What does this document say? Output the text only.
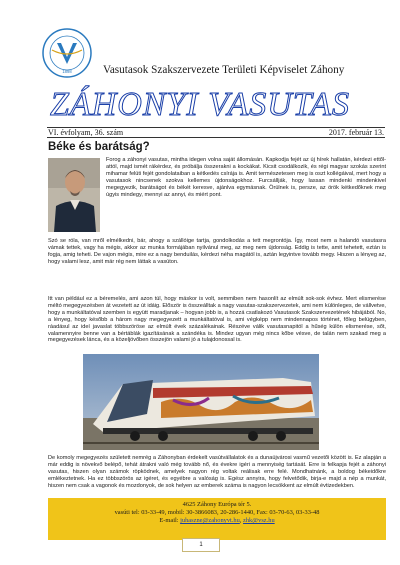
1898	Vasutasok Szakszervezete Területi Képviselet Záhony
ZÁHONYI VASUTAS
VI. évfolyam, 36. szám	2017. február 13.
Béke és barátság?

Forog a záhonyi vasutas, mintha idegen volna saját állomásán. Kapkodja fejét az új hírek hallatán, kérdezi ettől-attól, majd ismét rákérdez, és próbálja összerakni a kockákat. Kicsit csodálkozik, és régi magyar szokás szerint mihamar felüti fejét gondolataiban a kétkedés csírája is. Amit természetesen meg is oszt kollégáival, mert hogy a vasutasok nincsenek szokva kellemes újdonságokhoz. Furcsállják, hogy lassan mindenki mindenkivel megegyezik, barátságot és békét keresve, ajánlva egymásnak. Örülnek is, persze, az örök kétkedőknek meg úgyis mindegy, mennyi az annyi, és miért pont.

Szó se róla, van mről elmélkedni, bár, ahogy a szállóige tartja, gondolkodás a tett megrontója. Így, most nem a halandó vasutasra vámak tettek, vagy ha mégis, akkor az munka formájában nyilvánul meg, az meg nem újdonság. Eddig is tette, amit tehetett, eztán is fogja, amig teheti. De vajon mégis, mire ez a nagy benduilás, kérdezi néha magától is, aztán legyintve tovább megy. Hiszen a lényeg az, hogy valami lesz, amit már rég nem láttak a vasúton.

Itt van például ez a béremelés, ami azon túl, hogy máskor is volt, semmiben nem hasonlít az elmúlt sok-sok évhez. Mert elismerése méltó megegyezésben át vezetett az út idáig. Először is összeálltak a nagy vasutas-szakszervezetek, ami nem különleges, de vállvetve, hogy a munkáltatóval szemben is együtt maradjanak – hogyan jobb is, a hozzá csatlakozó Vasutasok Szakszervezetének hibájából. No, a lényeg, hogy később a három nagy megegyezett a munkáltatóval is, ami végképp nem mindennapos történet, főleg belügyben, ráadásul az ideí javaslat többszöröse az elmúlt évek százalékainak. Részéve válik vasutasnapitól a hűség külön elismerése, sőt, valamennyire benne van a bértáblák igazításának a szándéka is. Mindez ugyan még nincs kőbe vésve, de talán nem szakad meg a megegyezések lánca, és a közeljövőben összejön valami jó a tulajdonossal is.

De komoly megegyezés született nemrég a Záhonyban érdekelt vasútvállalatok és a dunaújvárosi vasmű vezetői között is. Ez alapján a már eddig is növekvő belépő, tehát átrakni való még tovább nő, és évekre igéri a mennyiség tartását. Erre is felkapja fejét a záhonyi vasutas, hiszen olyan számok röpködnek, amelyek nagyon rég voltak reálisak erre felé. Mondhatnánk, a boldog békeidőkre emlékeztetnek. Ha ez többszörös az igéret, és egyébre a valóság is. Egész annyira, hogy felvetődik, birja-e majd a nép a munkát, hiszen nem csak a vagonok és mozdonyok, de sok helyen az emberek száma is nagyon lecsökkent az elmúlt évtizedekben.

4625 Záhony Európa tér 5.
vasúti tel: 03-33-49, mobil: 30-3866083, 20-286-1440, Fax: 03-70-63, 03-33-48
E-mail: juhaszne@zahonyvt.hu, zhk@vsz.hu
1
